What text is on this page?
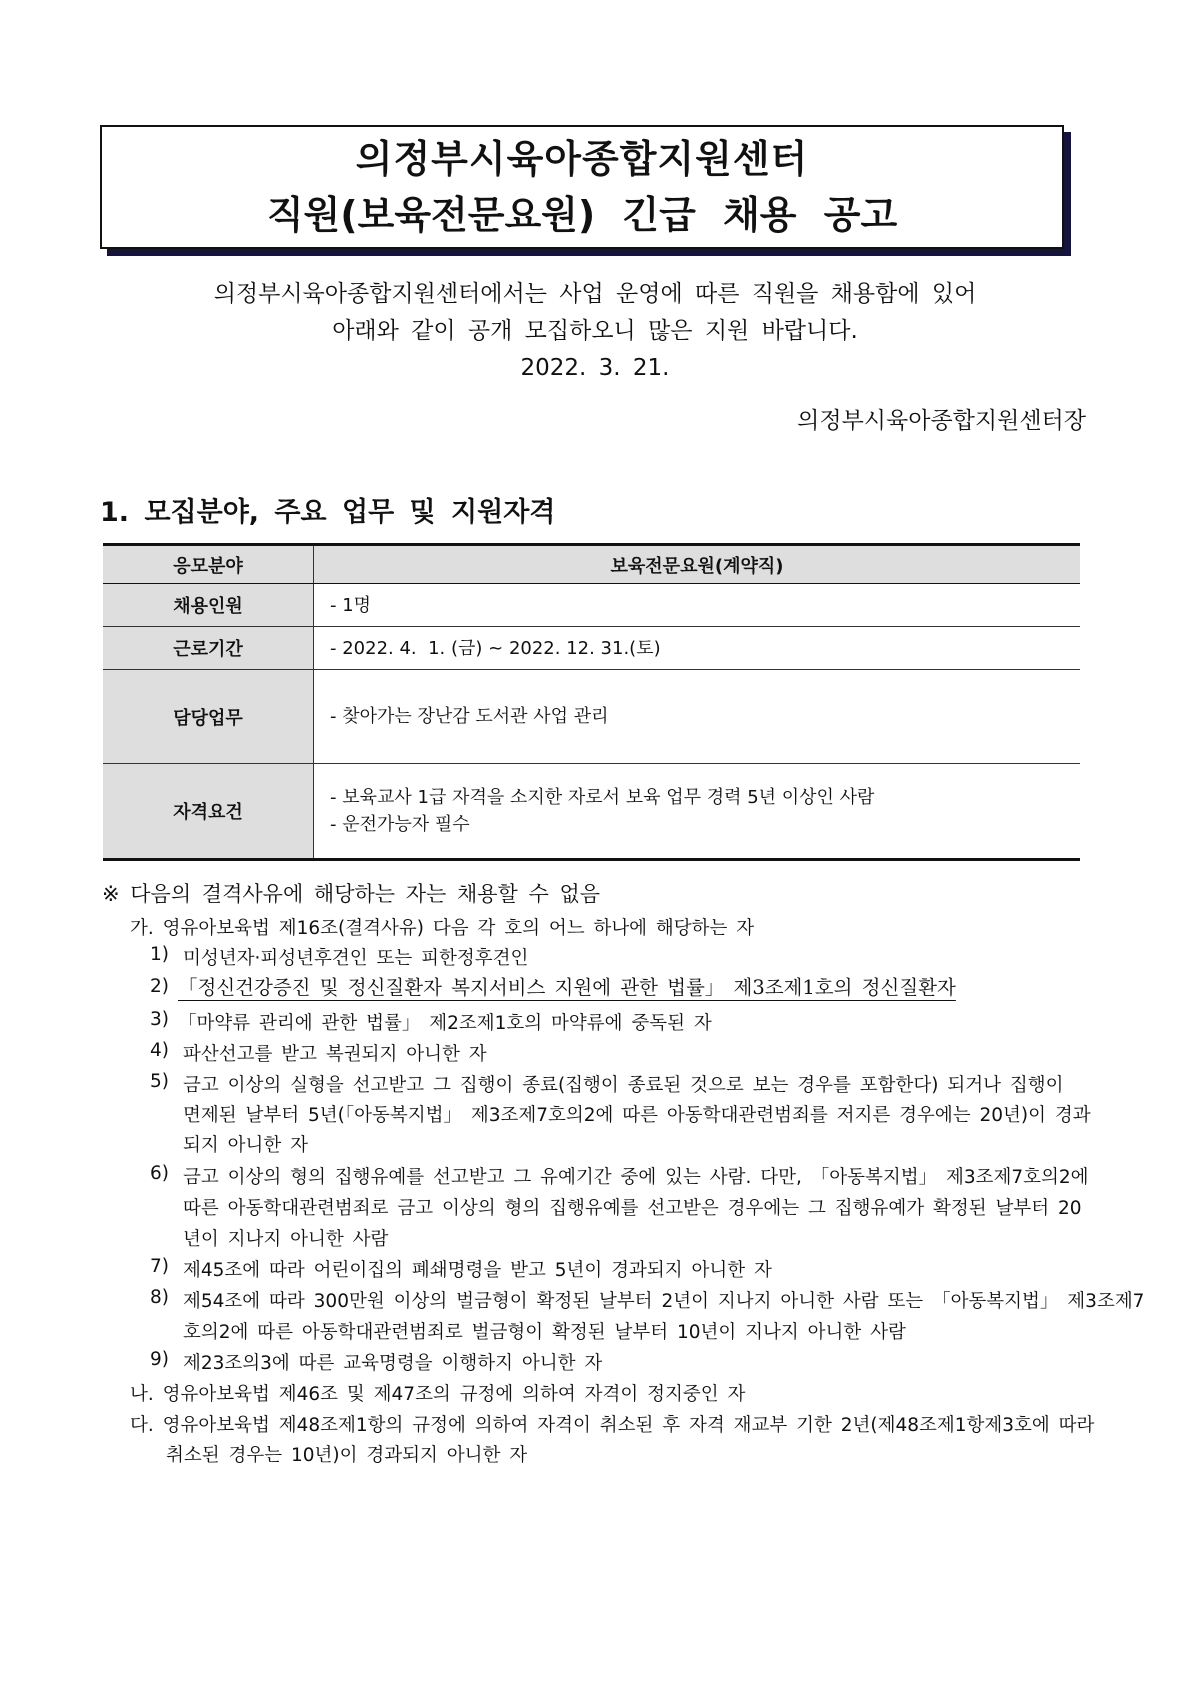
의정부시육아종합지원센터
직원(보육전문요원) 긴급 채용 공고
의정부시육아종합지원센터에서는 사업 운영에 따른 직원을 채용함에 있어
아래와 같이 공개 모집하오니 많은 지원 바랍니다.
2022. 3. 21.
의정부시육아종합지원센터장
1. 모집분야, 주요 업무 및 지원자격
응모분야	보육전문요원(계약직)
채용인원	- 1명

근로기간	- 2022. 4.  1. (금) ~ 2022. 12. 31.(토)

담당업무	- 찾아가는 장난감 도서관 사업 관리

자격요건	- 보육교사 1급 자격을 소지한 자로서 보육 업무 경력 5년 이상인 사람
- 운전가능자 필수
※ 다음의 결격사유에 해당하는 자는 채용할 수 없음
가. 영유아보육법 제16조(결격사유) 다음 각 호의 어느 하나에 해당하는 자
1) 미성년자·피성년후견인 또는 피한정후견인
2) 「정신건강증진 및 정신질환자 복지서비스 지원에 관한 법률」 제3조제1호의 정신질환자
3) 「마약류 관리에 관한 법률」 제2조제1호의 마약류에 중독된 자
4) 파산선고를 받고 복권되지 아니한 자
5) 금고 이상의 실형을 선고받고 그 집행이 종료(집행이 종료된 것으로 보는 경우를 포함한다) 되거나 집행이
면제된 날부터 5년(「아동복지법」 제3조제7호의2에 따른 아동학대관련범죄를 저지른 경우에는 20년)이 경과
되지 아니한 자
6) 금고 이상의 형의 집행유예를 선고받고 그 유예기간 중에 있는 사람. 다만, 「아동복지법」 제3조제7호의2에
따른 아동학대관련범죄로 금고 이상의 형의 집행유예를 선고받은 경우에는 그 집행유예가 확정된 날부터 20
년이 지나지 아니한 사람
7) 제45조에 따라 어린이집의 폐쇄명령을 받고 5년이 경과되지 아니한 자
8) 제54조에 따라 300만원 이상의 벌금형이 확정된 날부터 2년이 지나지 아니한 사람 또는 「아동복지법」 제3조제7
호의2에 따른 아동학대관련범죄로 벌금형이 확정된 날부터 10년이 지나지 아니한 사람
9) 제23조의3에 따른 교육명령을 이행하지 아니한 자
나. 영유아보육법 제46조 및 제47조의 규정에 의하여 자격이 정지중인 자
다. 영유아보육법 제48조제1항의 규정에 의하여 자격이 취소된 후 자격 재교부 기한 2년(제48조제1항제3호에 따라
취소된 경우는 10년)이 경과되지 아니한 자
